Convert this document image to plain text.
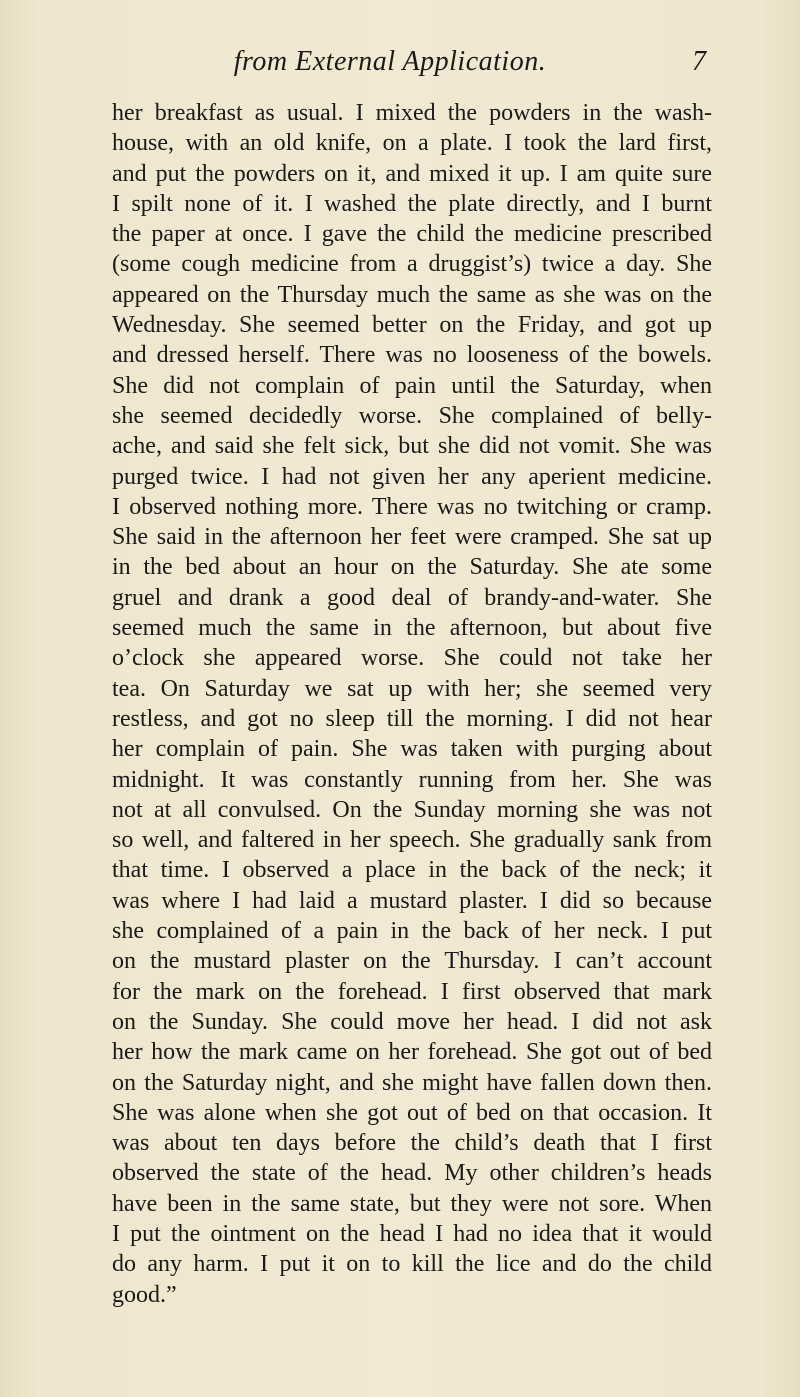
from External Application.	7
her breakfast as usual. I mixed the powders in the wash-
house, with an old knife, on a plate. I took the lard first,
and put the powders on it, and mixed it up. I am quite sure
I spilt none of it. I washed the plate directly, and I burnt
the paper at once. I gave the child the medicine prescribed
(some cough medicine from a druggist’s) twice a day. She
appeared on the Thursday much the same as she was on the
Wednesday. She seemed better on the Friday, and got up
and dressed herself. There was no looseness of the bowels.
She did not complain of pain until the Saturday, when
she seemed decidedly worse. She complained of belly-
ache, and said she felt sick, but she did not vomit. She was
purged twice. I had not given her any aperient medicine.
I observed nothing more. There was no twitching or cramp.
She said in the afternoon her feet were cramped. She sat up
in the bed about an hour on the Saturday. She ate some
gruel and drank a good deal of brandy-and-water. She
seemed much the same in the afternoon, but about five
o’clock she appeared worse. She could not take her
tea. On Saturday we sat up with her; she seemed very
restless, and got no sleep till the morning. I did not hear
her complain of pain. She was taken with purging about
midnight. It was constantly running from her. She was
not at all convulsed. On the Sunday morning she was not
so well, and faltered in her speech. She gradually sank from
that time. I observed a place in the back of the neck; it
was where I had laid a mustard plaster. I did so because
she complained of a pain in the back of her neck. I put
on the mustard plaster on the Thursday. I can’t account
for the mark on the forehead. I first observed that mark
on the Sunday. She could move her head. I did not ask
her how the mark came on her forehead. She got out of bed
on the Saturday night, and she might have fallen down then.
She was alone when she got out of bed on that occasion. It
was about ten days before the child’s death that I first
observed the state of the head. My other children’s heads
have been in the same state, but they were not sore. When
I put the ointment on the head I had no idea that it would
do any harm. I put it on to kill the lice and do the child
good.”
